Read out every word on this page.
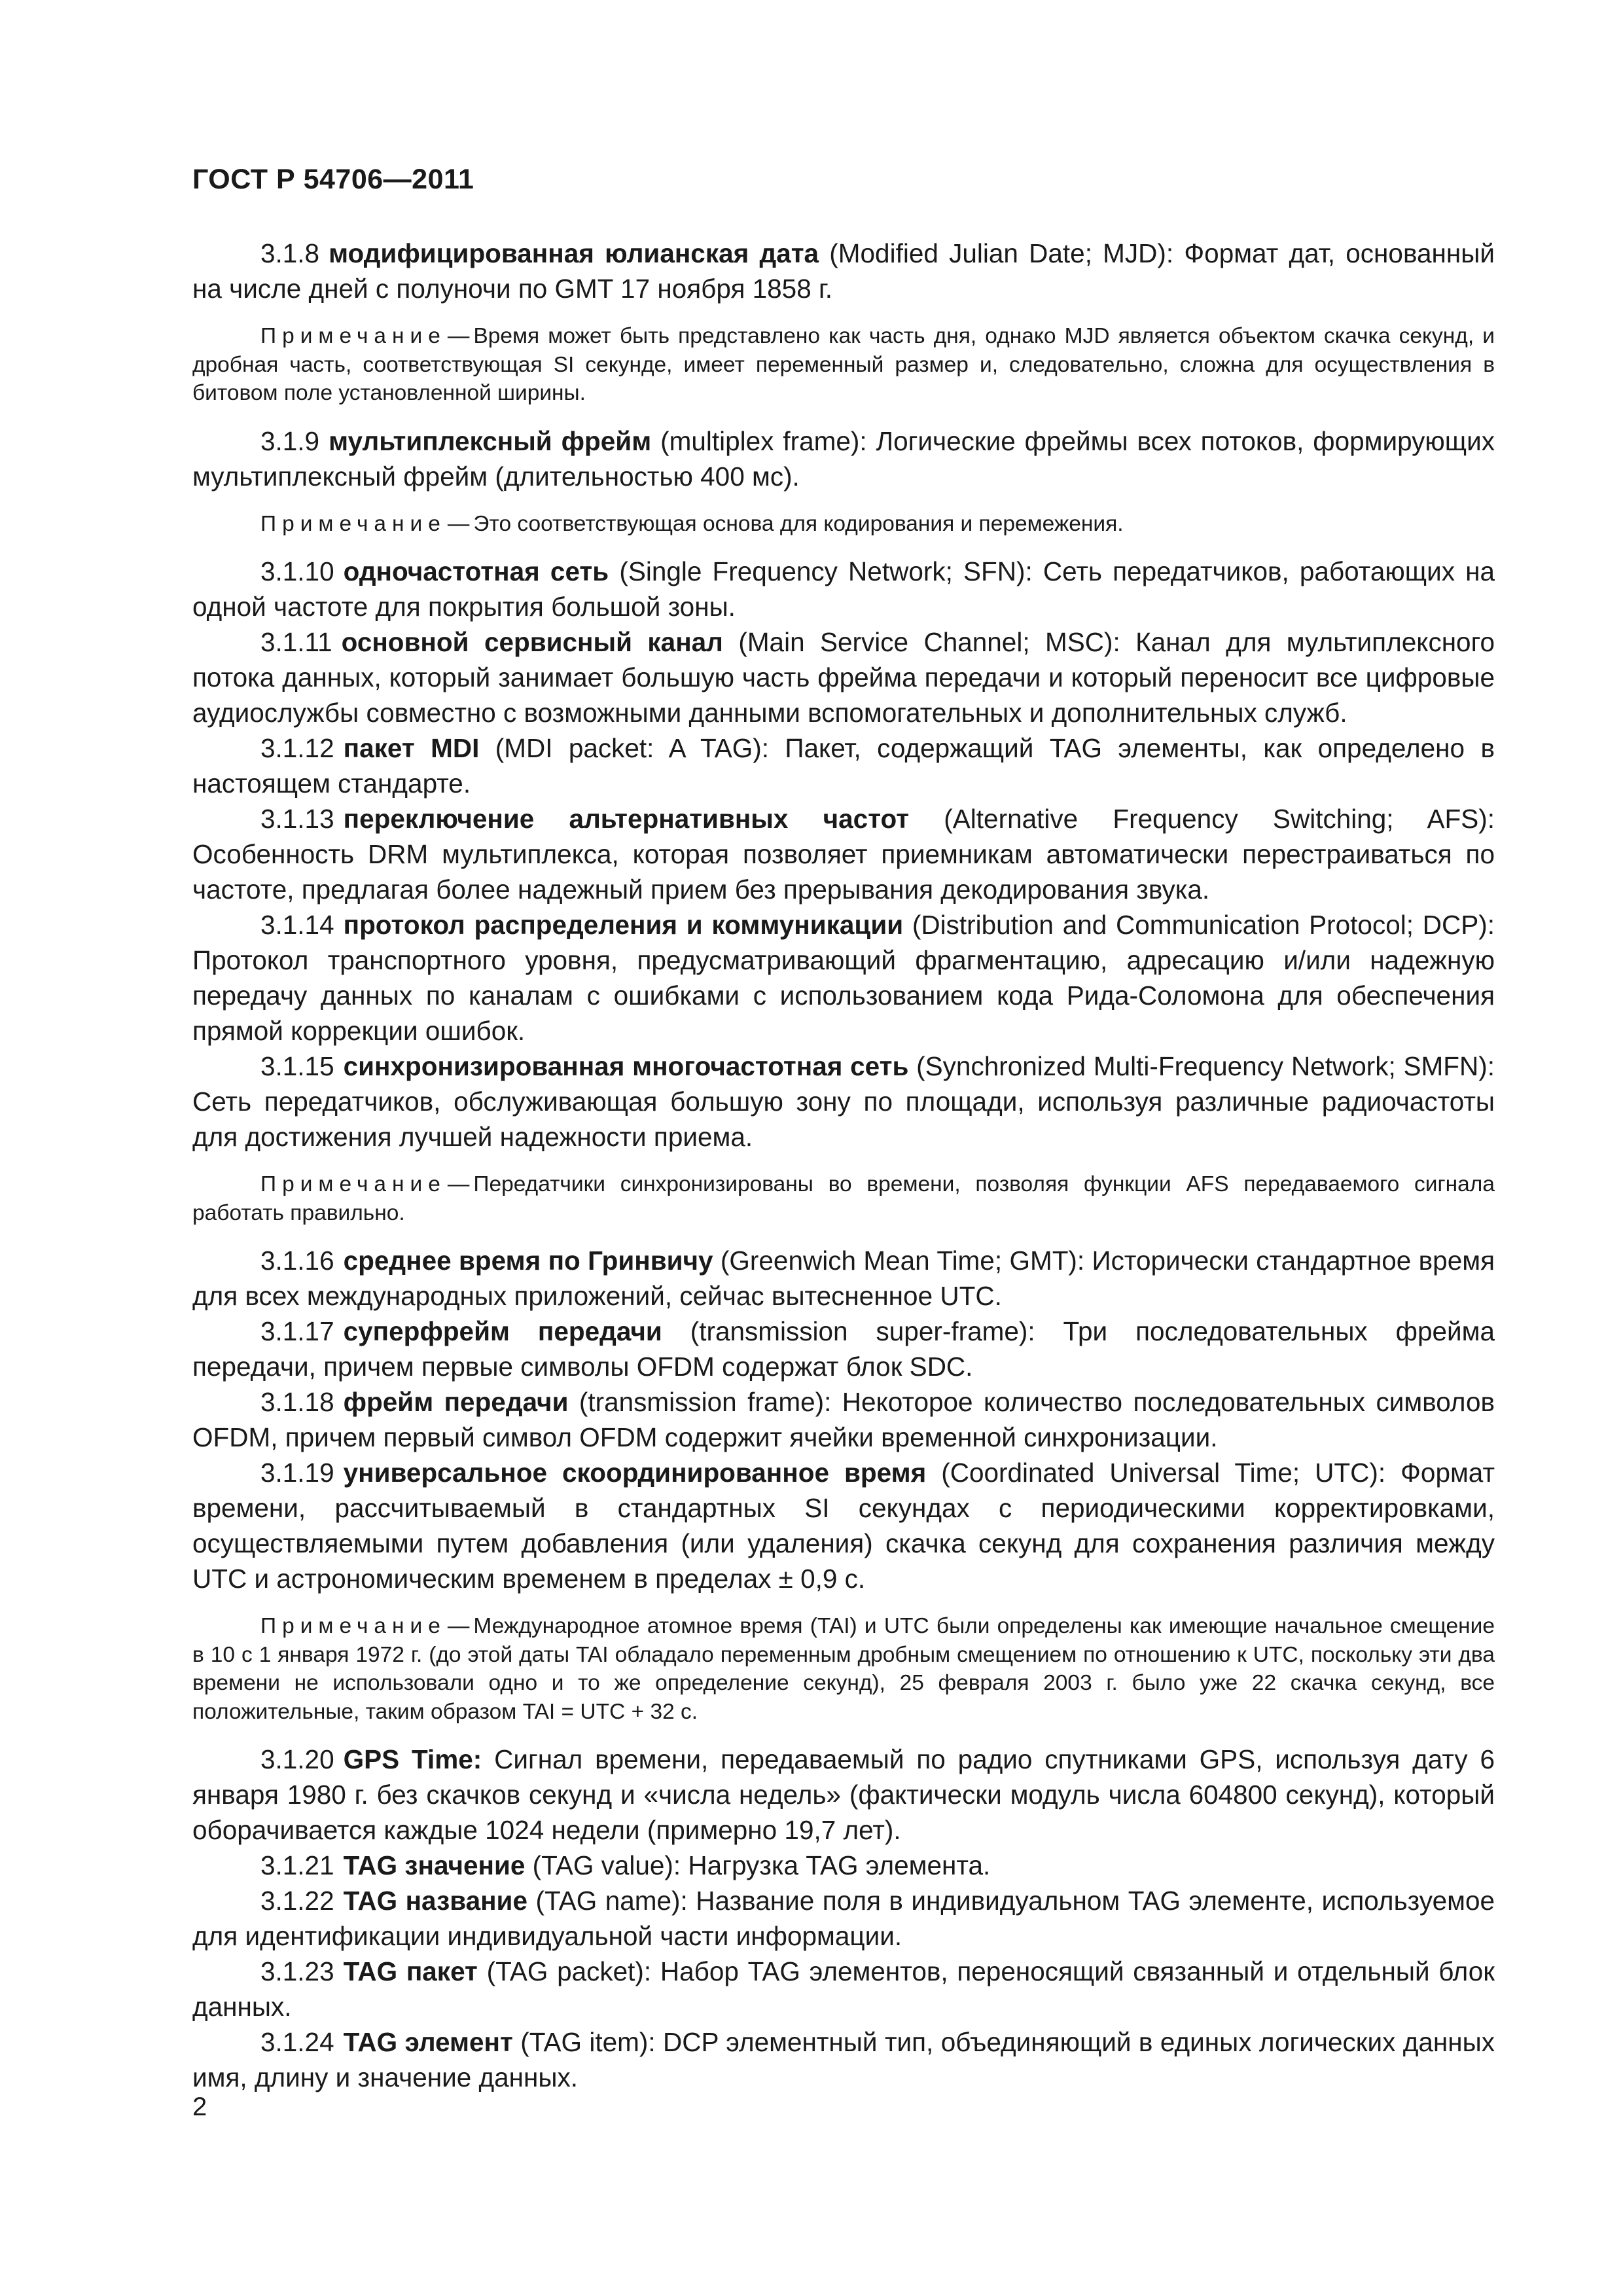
ГОСТ Р 54706—2011

3.1.8 модифицированная юлианская дата (Modified Julian Date; MJD): Формат дат, основанный на числе дней с полуночи по GMT 17 ноября 1858 г.

Примечание— Время может быть представлено как часть дня, однако MJD является объектом скачка секунд, и дробная часть, соответствующая SI секунде, имеет переменный размер и, следовательно, сложна для осуществления в битовом поле установленной ширины.

3.1.9 мультиплексный фрейм (multiplex frame): Логические фреймы всех потоков, формирующих мультиплексный фрейм (длительностью 400 мс).

Примечание— Это соответствующая основа для кодирования и перемежения.

3.1.10 одночастотная сеть (Single Frequency Network; SFN): Сеть передатчиков, работающих на одной частоте для покрытия большой зоны.

3.1.11 основной сервисный канал (Main Service Channel; MSC): Канал для мультиплексного потока данных, который занимает большую часть фрейма передачи и который переносит все цифровые аудиослужбы совместно с возможными данными вспомогательных и дополнительных служб.

3.1.12 пакет MDI (MDI packet: A TAG): Пакет, содержащий TAG элементы, как определено в настоящем стандарте.

3.1.13 переключение альтернативных частот (Alternative Frequency Switching; AFS): Особенность DRM мультиплекса, которая позволяет приемникам автоматически перестраиваться по частоте, предлагая более надежный прием без прерывания декодирования звука.

3.1.14 протокол распределения и коммуникации (Distribution and Communication Protocol; DCP): Протокол транспортного уровня, предусматривающий фрагментацию, адресацию и/или надежную передачу данных по каналам с ошибками с использованием кода Рида-Соломона для обеспечения прямой коррекции ошибок.

3.1.15 синхронизированная многочастотная сеть (Synchronized Multi-Frequency Network; SMFN): Сеть передатчиков, обслуживающая большую зону по площади, используя различные радиочастоты для достижения лучшей надежности приема.

Примечание— Передатчики синхронизированы во времени, позволяя функции AFS передаваемого сигнала работать правильно.

3.1.16 среднее время по Гринвичу (Greenwich Mean Time; GMT): Исторически стандартное время для всех международных приложений, сейчас вытесненное UTC.

3.1.17 суперфрейм передачи (transmission super-frame): Три последовательных фрейма передачи, причем первые символы OFDM содержат блок SDC.

3.1.18 фрейм передачи (transmission frame): Некоторое количество последовательных символов OFDM, причем первый символ OFDM содержит ячейки временной синхронизации.

3.1.19 универсальное скоординированное время (Coordinated Universal Time; UTC): Формат времени, рассчитываемый в стандартных SI секундах с периодическими корректировками, осуществляемыми путем добавления (или удаления) скачка секунд для сохранения различия между UTC и астрономическим временем в пределах ± 0,9 с.

Примечание— Международное атомное время (TAI) и UTC были определены как имеющие начальное смещение в 10 с 1 января 1972 г. (до этой даты TAI обладало переменным дробным смещением по отношению к UTC, поскольку эти два времени не использовали одно и то же определение секунд), 25 февраля 2003 г. было уже 22 скачка секунд, все положительные, таким образом TAI = UTC + 32 с.

3.1.20 GPS Time: Сигнал времени, передаваемый по радио спутниками GPS, используя дату 6 января 1980 г. без скачков секунд и «числа недель» (фактически модуль числа 604800 секунд), который оборачивается каждые 1024 недели (примерно 19,7 лет).

3.1.21 TAG значение (TAG value): Нагрузка TAG элемента.

3.1.22 TAG название (TAG name): Название поля в индивидуальном TAG элементе, используемое для идентификации индивидуальной части информации.

3.1.23 TAG пакет (TAG packet): Набор TAG элементов, переносящий связанный и отдельный блок данных.

3.1.24 TAG элемент (TAG item): DCP элементный тип, объединяющий в единых логических данных имя, длину и значение данных.

2
